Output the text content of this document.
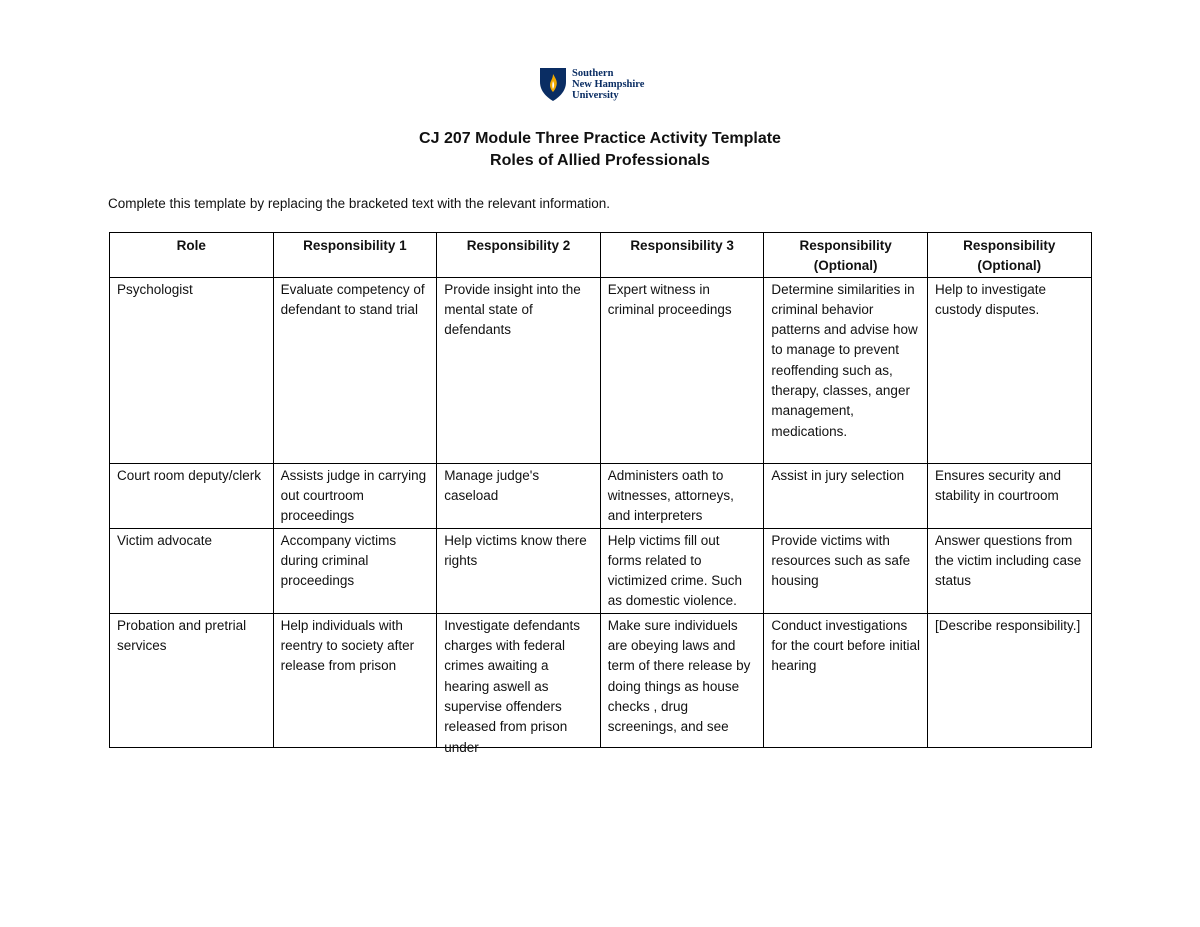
Southern
New Hampshire
University
CJ 207 Module Three Practice Activity Template
Roles of Allied Professionals
Complete this template by replacing the bracketed text with the relevant information.
Role	Responsibility 1	Responsibility 2	Responsibility 3	Responsibility (Optional)	Responsibility (Optional)
Psychologist	Evaluate competency of defendant to stand trial	Provide insight into the mental state of defendants	Expert witness in criminal proceedings	Determine similarities in criminal behavior patterns and advise how to manage to prevent reoffending such as, therapy, classes, anger management, medications.	Help to investigate custody disputes.
Court room deputy/clerk	Assists judge in carrying out courtroom proceedings	Manage judge's caseload	Administers oath to witnesses, attorneys, and interpreters	Assist in jury selection	Ensures security and stability in courtroom
Victim advocate	Accompany victims during criminal proceedings	Help victims know there rights	Help victims fill out forms related to victimized crime. Such as domestic violence.	Provide victims with resources such as safe housing	Answer questions from the victim including case status

Probation and pretrial services	Help individuals with reentry to society after release from prison	Investigate defendants charges with federal crimes awaiting a hearing aswell as supervise offenders released from prison under	Make sure individuels are obeying laws and term of there release by doing things as house checks , drug screenings, and see	Conduct investigations for the court before initial hearing	[Describe responsibility.]
